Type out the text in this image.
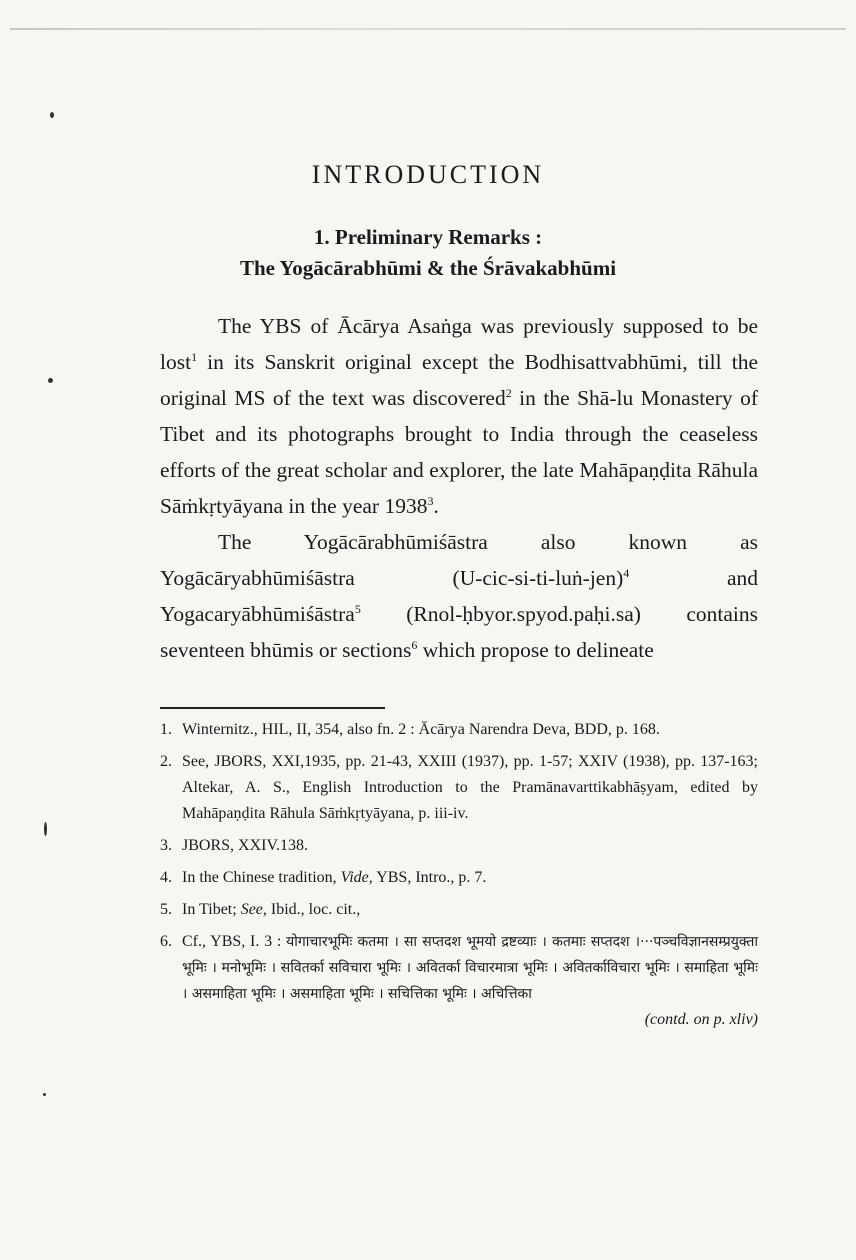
INTRODUCTION
1. Preliminary Remarks :
The Yogācārabhūmi & the Śrāvakabhūmi

The YBS of Ācārya Asaṅga was previously supposed to be lost$^1$ in its Sanskrit original except the Bodhisattvabhūmi, till the original MS of the text was discovered$^2$ in the Shā-lu Monastery of Tibet and its photographs brought to India through the ceaseless efforts of the great scholar and explorer, the late Mahāpaṇḍita Rāhula Sāṁkṛtyāyana in the year 1938$^3$.

The Yogācārabhūmiśāstra also known as Yogācāryabhūmiśāstra (U-cic-si-ti-luṅ-jen)$^4$ and Yogacaryābhūmiśāstra$^5$ (Rnol-ḥbyor.spyod.paḥi.sa) contains seventeen bhūmis or sections$^6$ which propose to delineate

1. Winternitz., HIL, II, 354, also fn. 2 : Ācārya Narendra Deva, BDD, p. 168.
2. See, JBORS, XXI,1935, pp. 21-43, XXIII (1937), pp. 1-57; XXIV (1938), pp. 137-163; Altekar, A. S., English Introduction to the Pramānavarttikabhāṣyam, edited by Mahāpaṇḍita Rāhula Sāṁkṛtyāyana, p. iii-iv.
3. JBORS, XXIV.138.
4. In the Chinese tradition, Vide, YBS, Intro., p. 7.
5. In Tibet; See, Ibid., loc. cit.,
6. Cf., YBS, I. 3 : योगाचारभूमिः कतमा । सा सप्तदश भूमयो द्रष्टव्याः । कतमाः सप्तदश ।···पञ्चविज्ञानसम्प्रयुक्ता भूमिः । मनोभूमिः । सवितर्का सविचारा भूमिः । अवितर्का विचारमात्रा भूमिः । अवितर्काविचारा भूमिः । समाहिता भूमिः । असमाहिता भूमिः । असमाहिता भूमिः । सचित्तिका भूमिः । अचित्तिका
(contd. on p. xliv)
